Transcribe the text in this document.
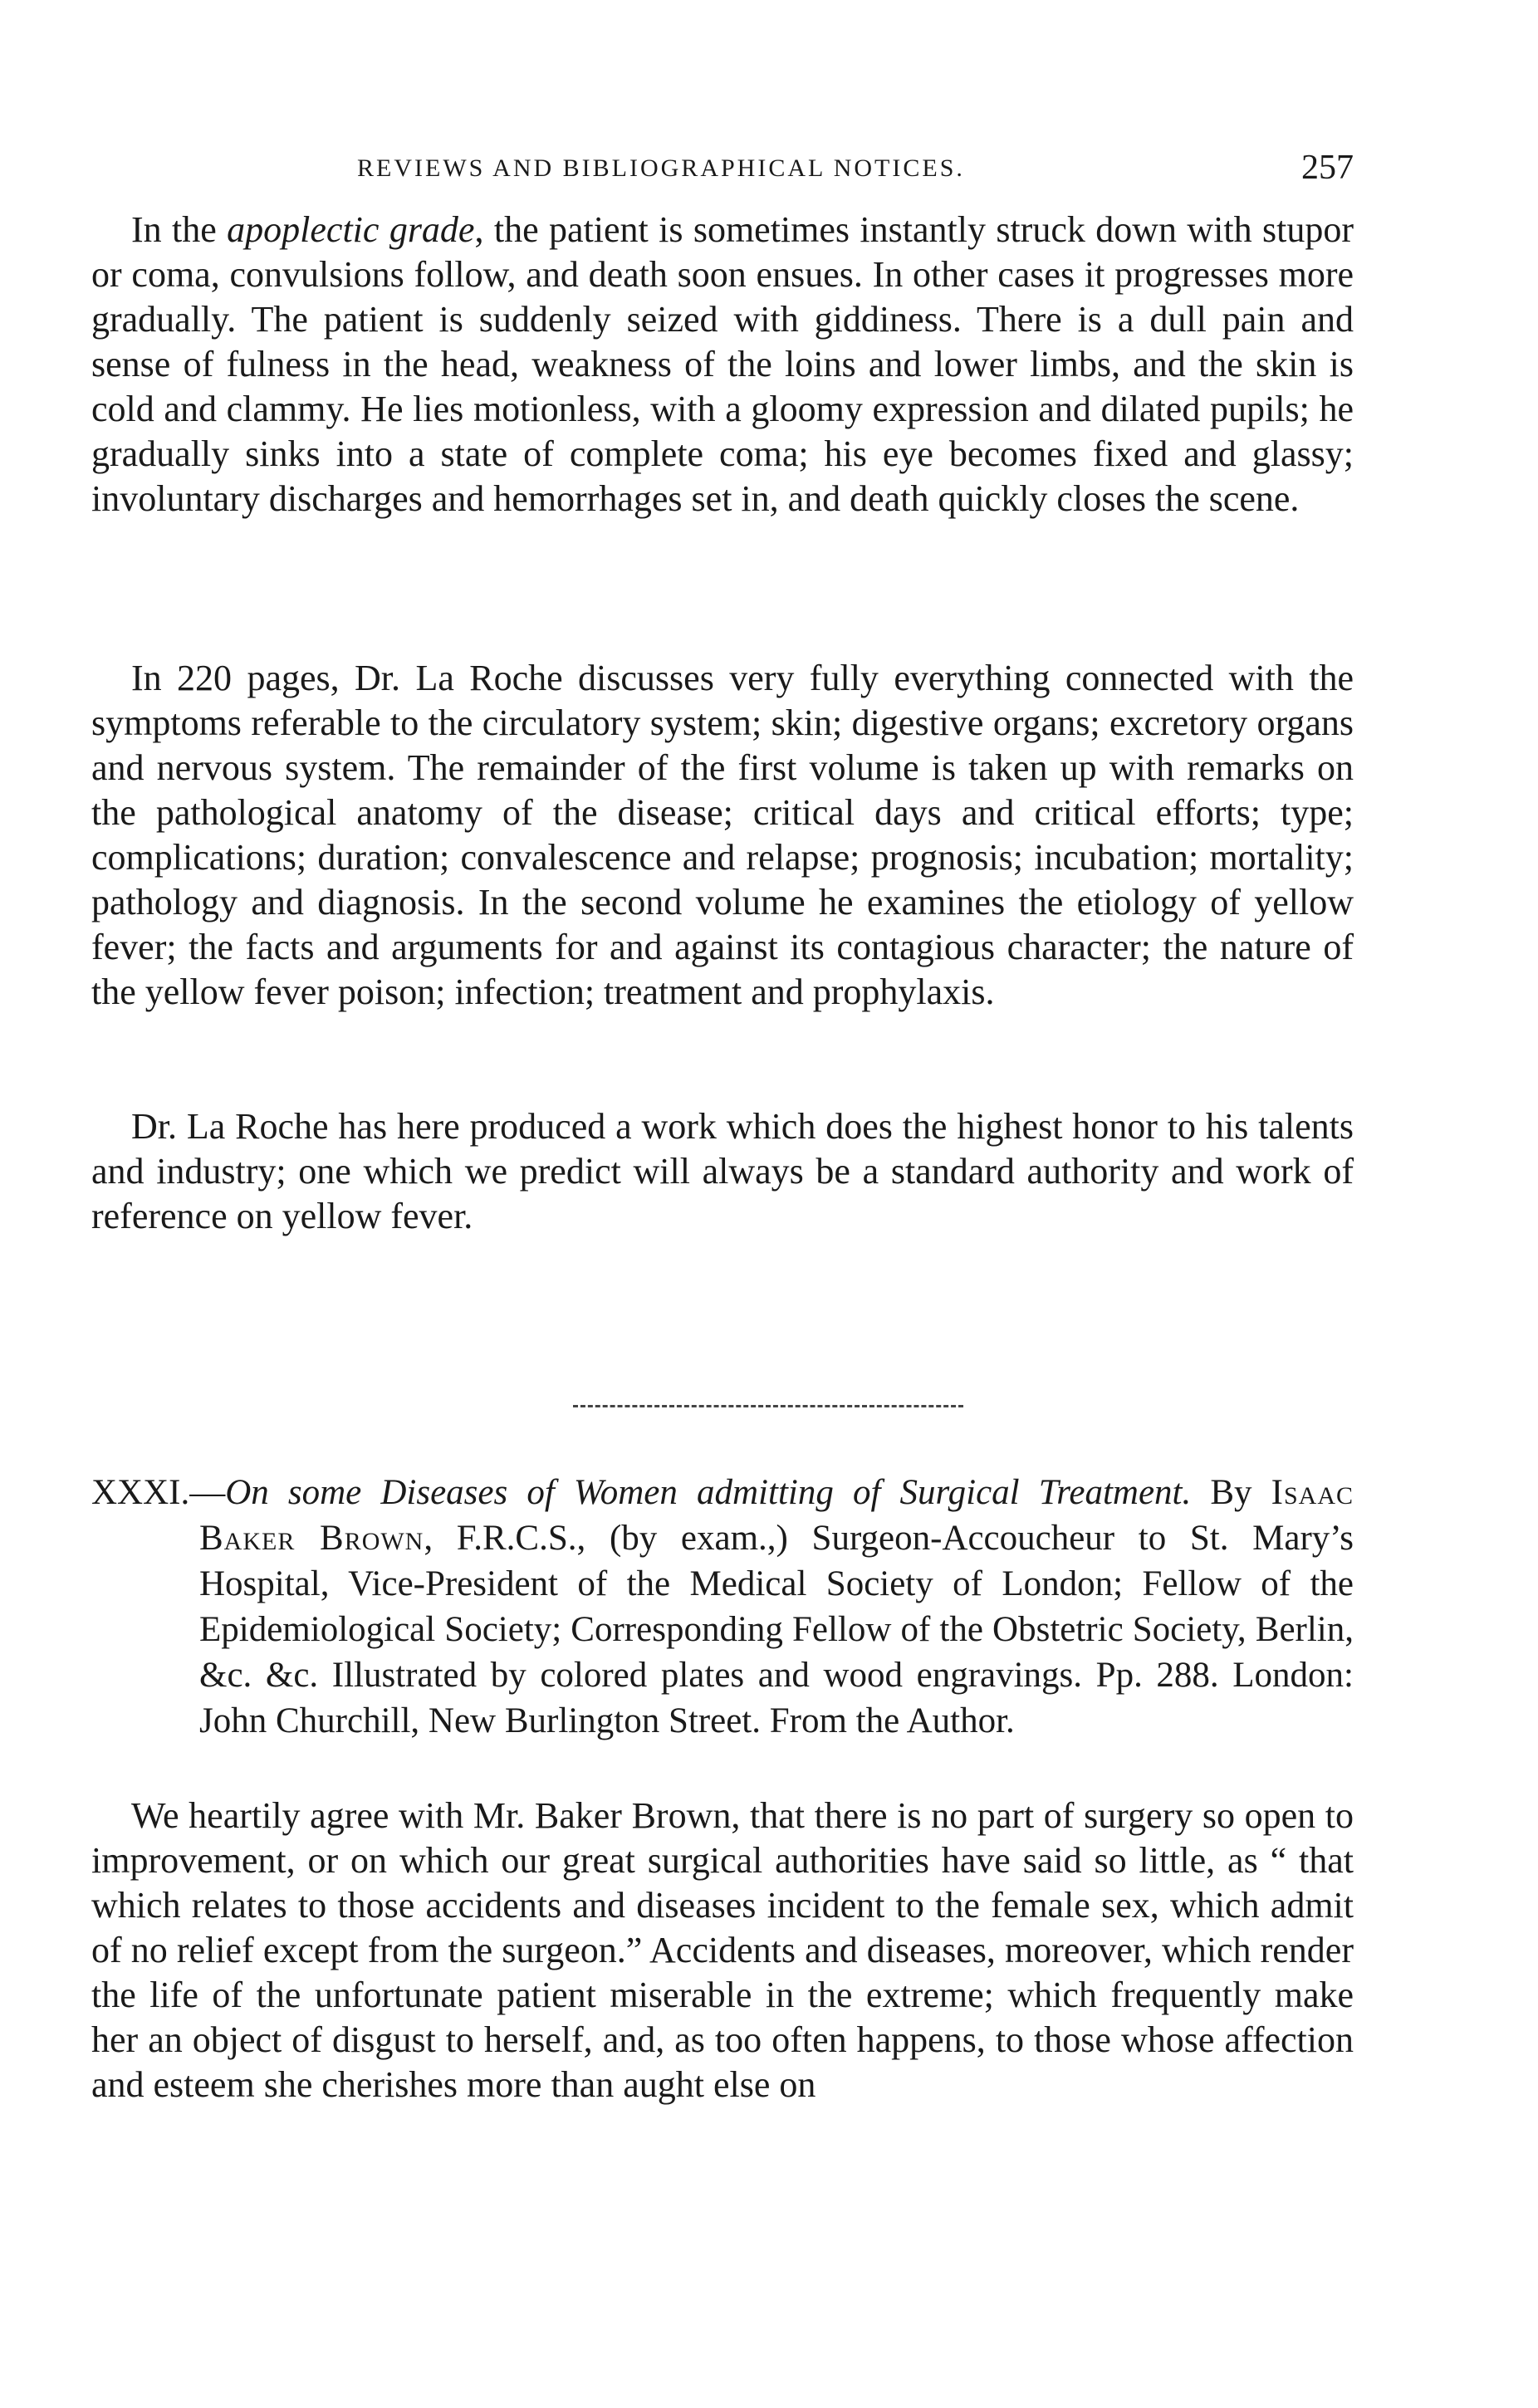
REVIEWS AND BIBLIOGRAPHICAL NOTICES.	257

In the apoplectic grade, the patient is sometimes instantly struck down with stupor or coma, convulsions follow, and death soon ensues. In other cases it progresses more gradually. The patient is suddenly seized with giddiness. There is a dull pain and sense of fulness in the head, weakness of the loins and lower limbs, and the skin is cold and clammy. He lies motionless, with a gloomy expression and dilated pupils; he gradually sinks into a state of complete coma; his eye becomes fixed and glassy; involuntary discharges and hemorrhages set in, and death quickly closes the scene.

In 220 pages, Dr. La Roche discusses very fully everything connected with the symptoms referable to the circulatory system; skin; digestive organs; excretory organs and nervous system. The remainder of the first volume is taken up with remarks on the pathological anatomy of the disease; critical days and critical efforts; type; complications; duration; convalescence and relapse; prognosis; incubation; mortality; pathology and diagnosis. In the second volume he examines the etiology of yellow fever; the facts and arguments for and against its contagious character; the nature of the yellow fever poison; infection; treatment and prophylaxis.

Dr. La Roche has here produced a work which does the highest honor to his talents and industry; one which we predict will always be a standard authority and work of reference on yellow fever.

XXXI.—On some Diseases of Women admitting of Surgical Treatment. By Isaac Baker Brown, F.R.C.S., (by exam.,) Surgeon-Accoucheur to St. Mary’s Hospital, Vice-President of the Medical Society of London; Fellow of the Epidemiological Society; Corresponding Fellow of the Obstetric Society, Berlin, &c. &c. Illustrated by colored plates and wood engravings. Pp. 288. London: John Churchill, New Burlington Street. From the Author.

We heartily agree with Mr. Baker Brown, that there is no part of surgery so open to improvement, or on which our great surgical authorities have said so little, as “ that which relates to those accidents and diseases incident to the female sex, which admit of no relief except from the surgeon.” Accidents and diseases, moreover, which render the life of the unfortunate patient miserable in the extreme; which frequently make her an object of disgust to herself, and, as too often happens, to those whose affection and esteem she cherishes more than aught else on
